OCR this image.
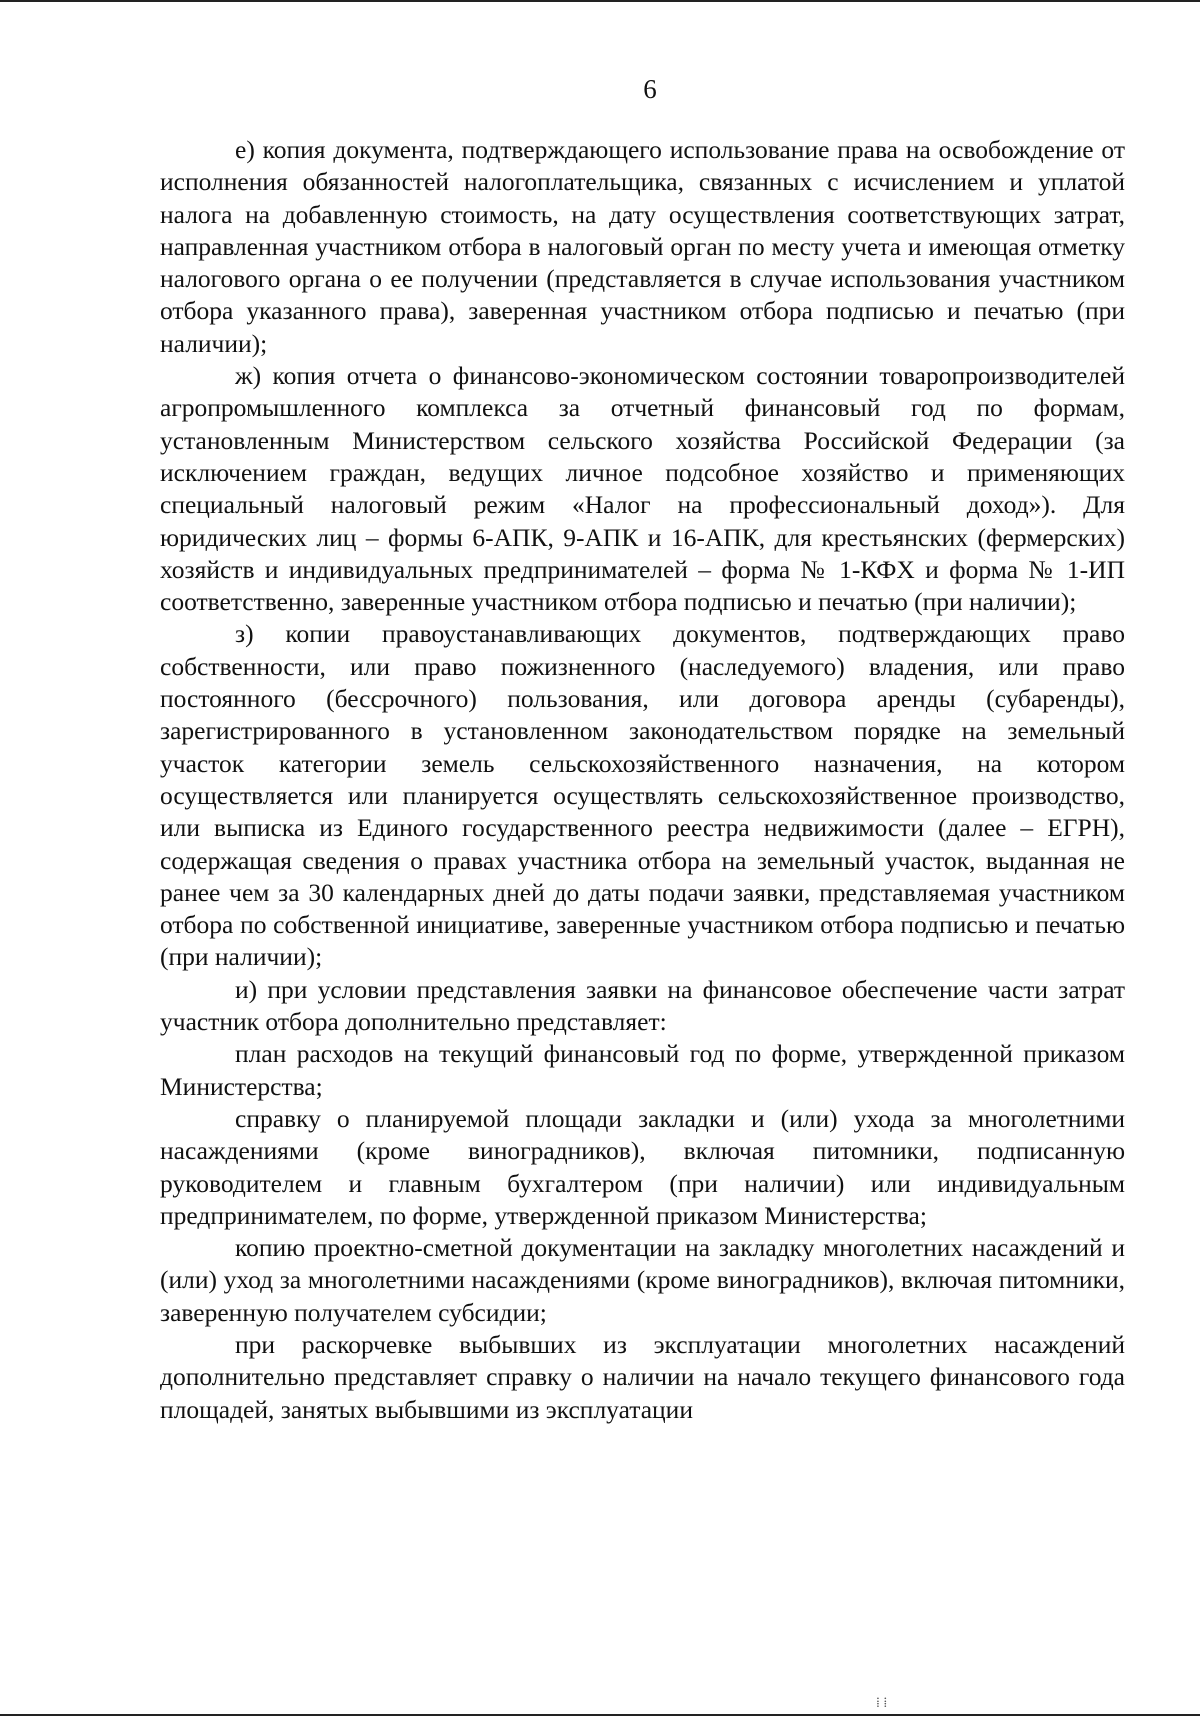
6

е) копия документа, подтверждающего использование права на освобождение от исполнения обязанностей налогоплательщика, связанных с исчислением и уплатой налога на добавленную стоимость, на дату осуществления соответствующих затрат, направленная участником отбора в налоговый орган по месту учета и имеющая отметку налогового органа о ее получении (представляется в случае использования участником отбора указанного права), заверенная участником отбора подписью и печатью (при наличии);

ж) копия отчета о финансово-экономическом состоянии товаропроизводителей агропромышленного комплекса за отчетный финансовый год по формам, установленным Министерством сельского хозяйства Российской Федерации (за исключением граждан, ведущих личное подсобное хозяйство и применяющих специальный налоговый режим «Налог на профессиональный доход»). Для юридических лиц – формы 6-АПК, 9-АПК и 16-АПК, для крестьянских (фермерских) хозяйств и индивидуальных предпринимателей – форма № 1-КФХ и форма № 1-ИП соответственно, заверенные участником отбора подписью и печатью (при наличии);

з) копии правоустанавливающих документов, подтверждающих право собственности, или право пожизненного (наследуемого) владения, или право постоянного (бессрочного) пользования, или договора аренды (субаренды), зарегистрированного в установленном законодательством порядке на земельный участок категории земель сельскохозяйственного назначения, на котором осуществляется или планируется осуществлять сельскохозяйственное производство, или выписка из Единого государственного реестра недвижимости (далее – ЕГРН), содержащая сведения о правах участника отбора на земельный участок, выданная не ранее чем за 30 календарных дней до даты подачи заявки, представляемая участником отбора по собственной инициативе, заверенные участником отбора подписью и печатью (при наличии);

и) при условии представления заявки на финансовое обеспечение части затрат участник отбора дополнительно представляет:

план расходов на текущий финансовый год по форме, утвержденной приказом Министерства;

справку о планируемой площади закладки и (или) ухода за многолетними насаждениями (кроме виноградников), включая питомники, подписанную руководителем и главным бухгалтером (при наличии) или индивидуальным предпринимателем, по форме, утвержденной приказом Министерства;

копию проектно-сметной документации на закладку многолетних насаждений и (или) уход за многолетними насаждениями (кроме виноградников), включая питомники, заверенную получателем субсидии;

при раскорчевке выбывших из эксплуатации многолетних насаждений дополнительно представляет справку о наличии на начало текущего финансового года площадей, занятых выбывшими из эксплуатации

⁞ ⁞
